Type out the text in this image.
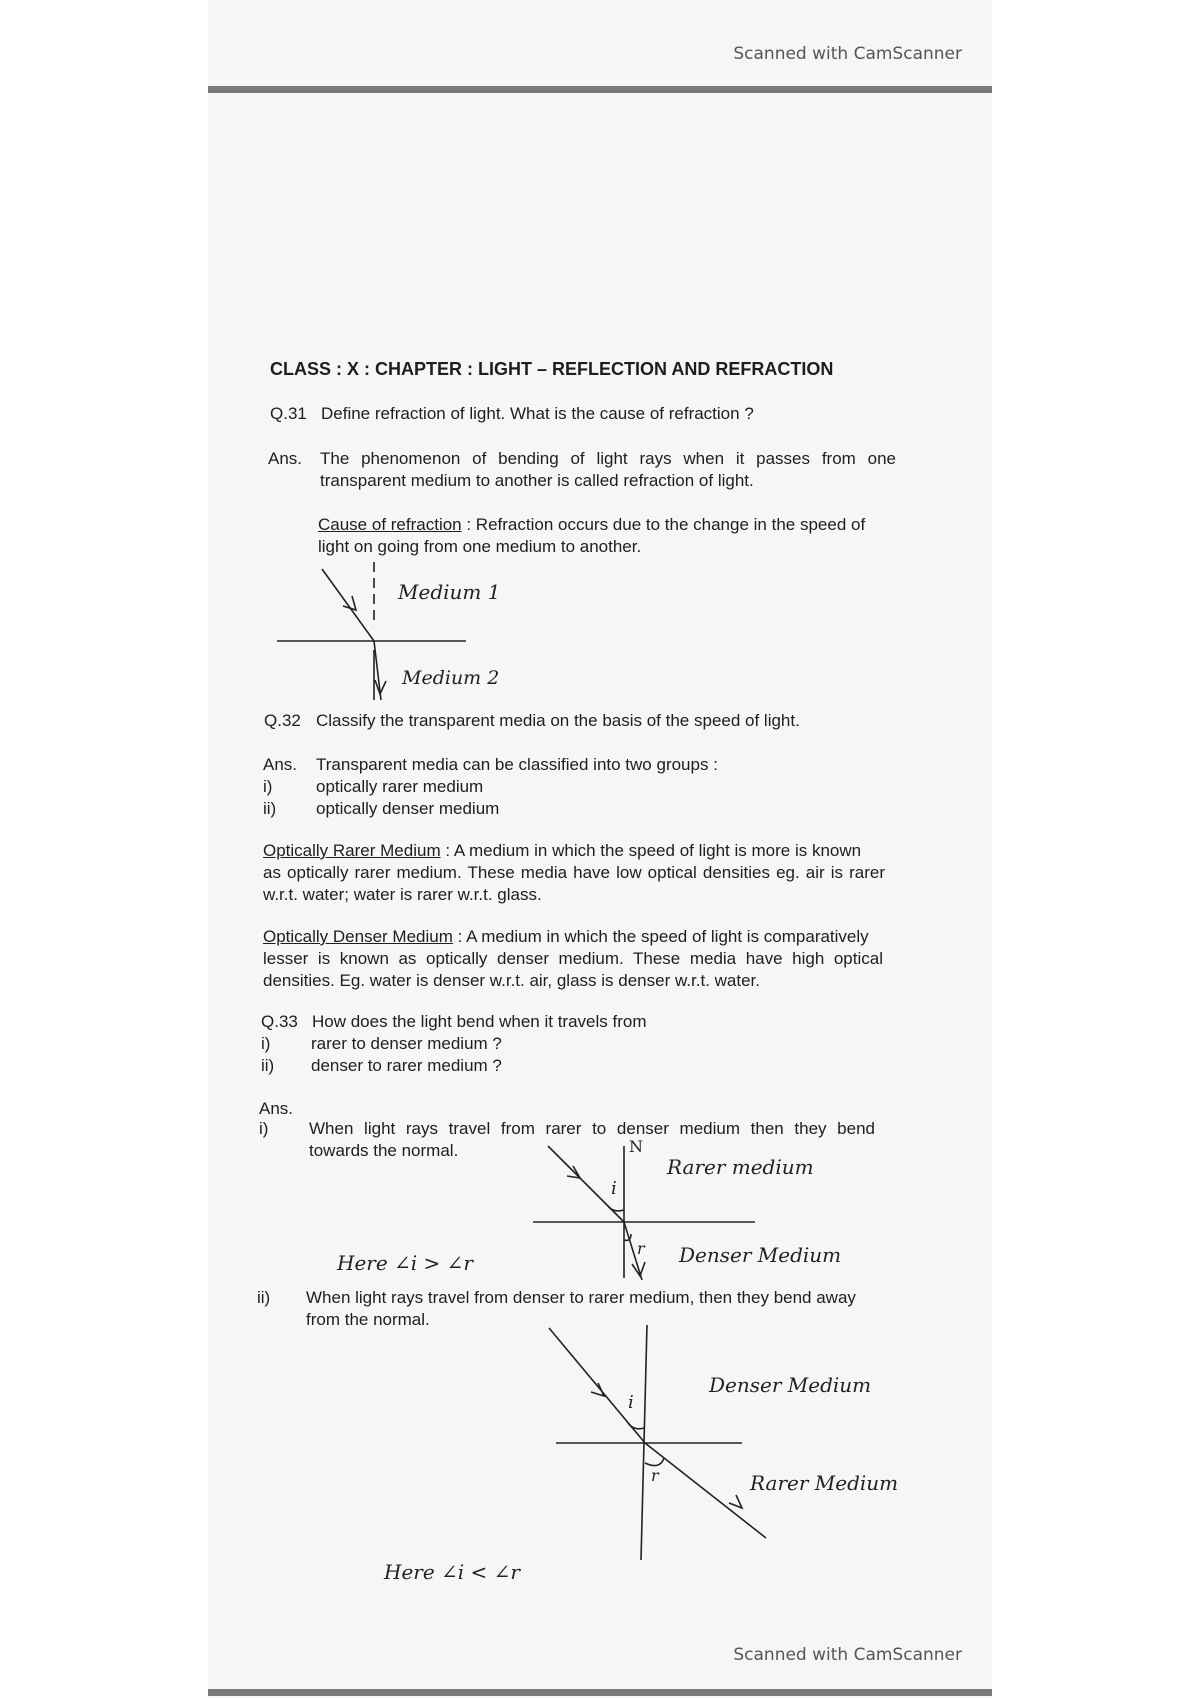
Scanned with CamScanner
Scanned with CamScanner
CLASS : X : CHAPTER : LIGHT – REFLECTION AND REFRACTION
Q.31 Define refraction of light. What is the cause of refraction ?
Ans. The phenomenon of bending of light rays when it passes from one
transparent medium to another is called refraction of light.
Cause of refraction : Refraction occurs due to the change in the speed of
light on going from one medium to another.
Q.32 Classify the transparent media on the basis of the speed of light.
Ans. Transparent media can be classified into two groups :
i)	optically rarer medium
ii) optically denser medium
Optically Rarer Medium : A medium in which the speed of light is more is known
as optically rarer medium. These media have low optical densities eg. air is rarer
w.r.t. water; water is rarer w.r.t. glass.
Optically Denser Medium : A medium in which the speed of light is comparatively
lesser is known as optically denser medium. These media have high optical
densities. Eg. water is denser w.r.t. air, glass is denser w.r.t. water.
Q.33 How does the light bend when it travels from
i) rarer to denser medium ?
ii) denser to rarer medium ?
Ans.
i) When light rays travel from rarer to denser medium then they bend
towards the normal.
ii) When light rays travel from denser to rarer medium, then they bend away
from the normal.
Medium 1
Medium 2
N
Rarer medium
i
r Denser Medium
Here ∠i > ∠r
Denser Medium
i
r	Rarer Medium
Here ∠i < ∠r
